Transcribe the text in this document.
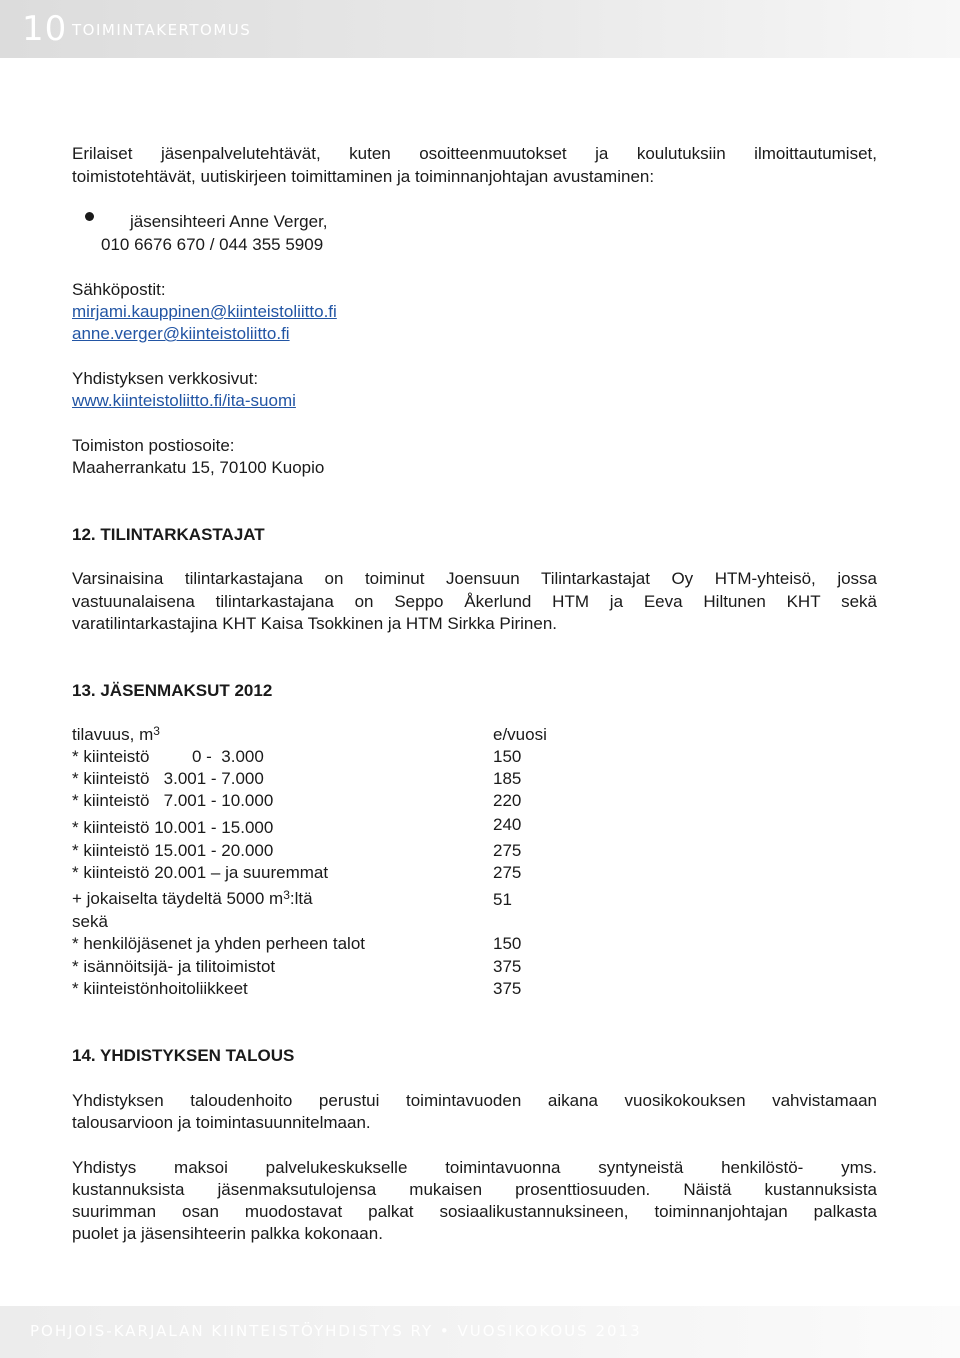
10 TOIMINTAKERTOMUS
Erilaiset jäsenpalvelutehtävät, kuten osoitteenmuutokset ja koulutuksiin ilmoittautumiset,
toimistotehtävät, uutiskirjeen toimittaminen ja toiminnanjohtajan avustaminen:
jäsensihteeri Anne Verger,
010 6676 670 / 044 355 5909
Sähköpostit:
mirjami.kauppinen@kiinteistoliitto.fi
anne.verger@kiinteistoliitto.fi
Yhdistyksen verkkosivut:
www.kiinteistoliitto.fi/ita-suomi
Toimiston postiosoite:
Maaherrankatu 15, 70100 Kuopio
12. TILINTARKASTAJAT
Varsinaisina tilintarkastajana on toiminut Joensuun Tilintarkastajat Oy HTM-yhteisö, jossa
vastuunalaisena tilintarkastajana on Seppo Åkerlund HTM ja Eeva Hiltunen KHT sekä
varatilintarkastajina KHT Kaisa Tsokkinen ja HTM Sirkka Pirinen.
13. JÄSENMAKSUT 2012
tilavuus, $m^3$	e/vuosi
* kiinteistö         0 -  3.000	150
* kiinteistö   3.001 - 7.000	185
* kiinteistö   7.001 - 10.000	220
* kiinteistö 10.001 - 15.000	240
* kiinteistö 15.001 - 20.000	275
* kiinteistö 20.001 – ja suuremmat	275
+ jokaiselta täydeltä 5000 $m^3:ltä$	51
sekä
* henkilöjäsenet ja yhden perheen talot	150
* isännöitsijä- ja tilitoimistot	375
* kiinteistönhoitoliikkeet	375
14. YHDISTYKSEN TALOUS
Yhdistyksen taloudenhoito perustui toimintavuoden aikana vuosikokouksen vahvistamaan
talousarvioon ja toimintasuunnitelmaan.
Yhdistys maksoi palvelukeskukselle toimintavuonna syntyneistä henkilöstö- yms.
kustannuksista jäsenmaksutulojensa mukaisen prosenttiosuuden. Näistä kustannuksista
suurimman osan muodostavat palkat sosiaalikustannuksineen, toiminnanjohtajan palkasta
puolet ja jäsensihteerin palkka kokonaan.
POHJOIS-KARJALAN KIINTEISTÖYHDISTYS RY • VUOSIKOKOUS 2013
